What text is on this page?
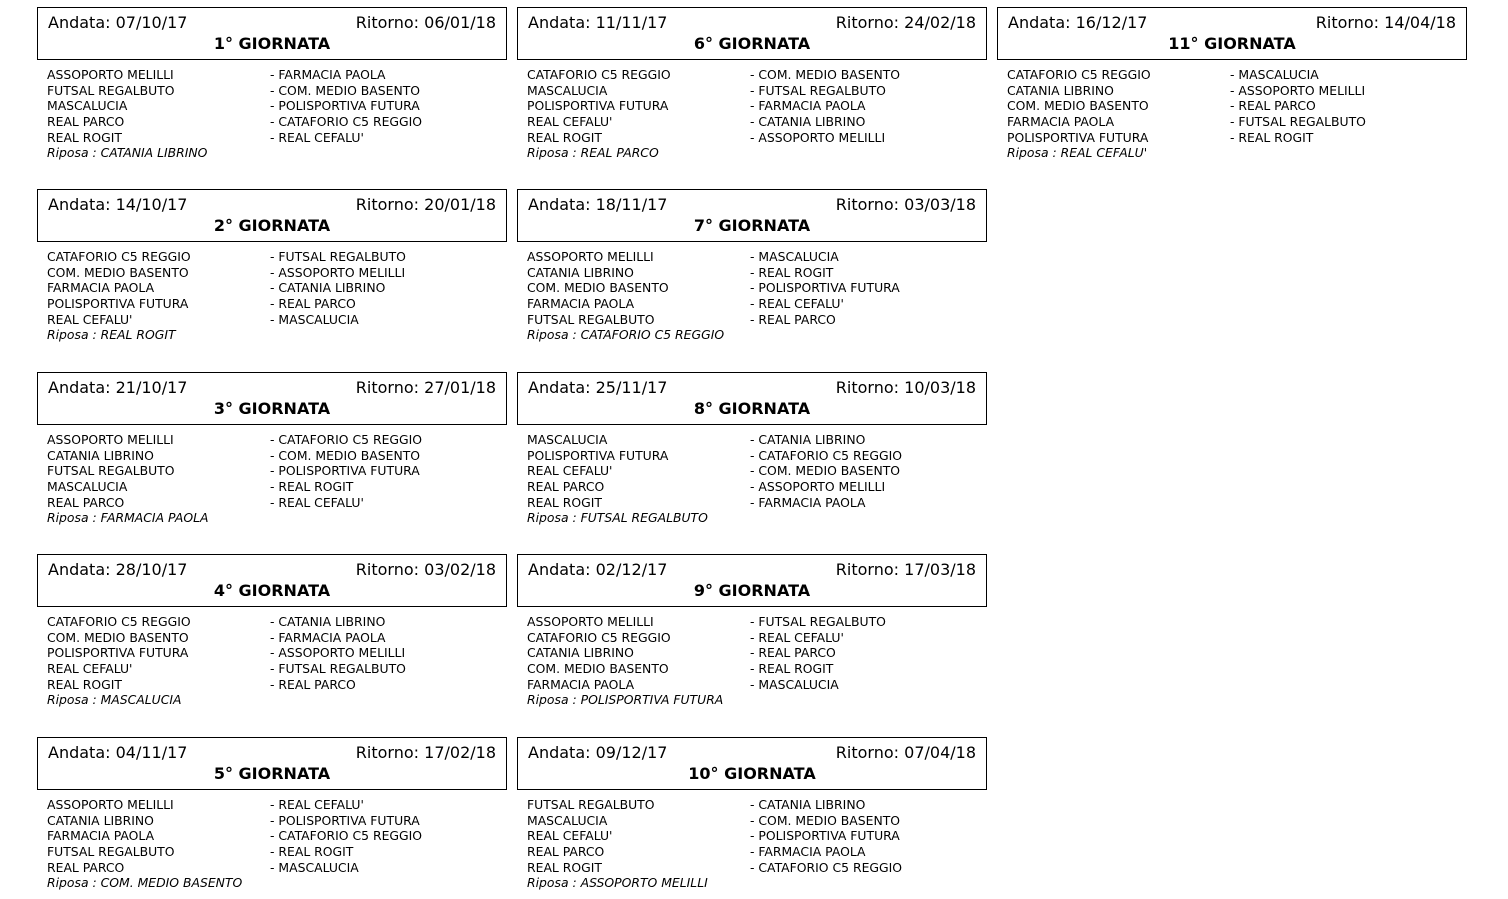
Andata: 07/10/17	Ritorno: 06/01/18
1° GIORNATA
ASSOPORTO MELILLI	- FARMACIA PAOLA
FUTSAL REGALBUTO	- COM. MEDIO BASENTO
MASCALUCIA	- POLISPORTIVA FUTURA
REAL PARCO	- CATAFORIO C5 REGGIO
REAL ROGIT	- REAL CEFALU'
Riposa : CATANIA LIBRINO
Andata: 14/10/17	Ritorno: 20/01/18
2° GIORNATA
CATAFORIO C5 REGGIO	- FUTSAL REGALBUTO
COM. MEDIO BASENTO	- ASSOPORTO MELILLI
FARMACIA PAOLA	- CATANIA LIBRINO
POLISPORTIVA FUTURA	- REAL PARCO
REAL CEFALU'	- MASCALUCIA
Riposa : REAL ROGIT
Andata: 21/10/17	Ritorno: 27/01/18
3° GIORNATA
ASSOPORTO MELILLI	- CATAFORIO C5 REGGIO
CATANIA LIBRINO	- COM. MEDIO BASENTO
FUTSAL REGALBUTO	- POLISPORTIVA FUTURA
MASCALUCIA	- REAL ROGIT
REAL PARCO	- REAL CEFALU'
Riposa : FARMACIA PAOLA
Andata: 28/10/17	Ritorno: 03/02/18
4° GIORNATA
CATAFORIO C5 REGGIO	- CATANIA LIBRINO
COM. MEDIO BASENTO	- FARMACIA PAOLA
POLISPORTIVA FUTURA	- ASSOPORTO MELILLI
REAL CEFALU'	- FUTSAL REGALBUTO
REAL ROGIT	- REAL PARCO
Riposa : MASCALUCIA
Andata: 04/11/17	Ritorno: 17/02/18
5° GIORNATA
ASSOPORTO MELILLI	- REAL CEFALU'
CATANIA LIBRINO	- POLISPORTIVA FUTURA
FARMACIA PAOLA	- CATAFORIO C5 REGGIO
FUTSAL REGALBUTO	- REAL ROGIT
REAL PARCO	- MASCALUCIA
Riposa : COM. MEDIO BASENTO
Andata: 11/11/17	Ritorno: 24/02/18
6° GIORNATA
CATAFORIO C5 REGGIO	- COM. MEDIO BASENTO
MASCALUCIA	- FUTSAL REGALBUTO
POLISPORTIVA FUTURA	- FARMACIA PAOLA
REAL CEFALU'	- CATANIA LIBRINO
REAL ROGIT	- ASSOPORTO MELILLI
Riposa : REAL PARCO
Andata: 18/11/17	Ritorno: 03/03/18
7° GIORNATA
ASSOPORTO MELILLI	- MASCALUCIA
CATANIA LIBRINO	- REAL ROGIT
COM. MEDIO BASENTO	- POLISPORTIVA FUTURA
FARMACIA PAOLA	- REAL CEFALU'
FUTSAL REGALBUTO	- REAL PARCO
Riposa : CATAFORIO C5 REGGIO
Andata: 25/11/17	Ritorno: 10/03/18
8° GIORNATA
MASCALUCIA	- CATANIA LIBRINO
POLISPORTIVA FUTURA	- CATAFORIO C5 REGGIO
REAL CEFALU'	- COM. MEDIO BASENTO
REAL PARCO	- ASSOPORTO MELILLI
REAL ROGIT	- FARMACIA PAOLA
Riposa : FUTSAL REGALBUTO
Andata: 02/12/17	Ritorno: 17/03/18
9° GIORNATA
ASSOPORTO MELILLI	- FUTSAL REGALBUTO
CATAFORIO C5 REGGIO	- REAL CEFALU'
CATANIA LIBRINO	- REAL PARCO
COM. MEDIO BASENTO	- REAL ROGIT
FARMACIA PAOLA	- MASCALUCIA
Riposa : POLISPORTIVA FUTURA
Andata: 09/12/17	Ritorno: 07/04/18
10° GIORNATA
FUTSAL REGALBUTO	- CATANIA LIBRINO
MASCALUCIA	- COM. MEDIO BASENTO
REAL CEFALU'	- POLISPORTIVA FUTURA
REAL PARCO	- FARMACIA PAOLA
REAL ROGIT	- CATAFORIO C5 REGGIO
Riposa : ASSOPORTO MELILLI
Andata: 16/12/17	Ritorno: 14/04/18
11° GIORNATA
CATAFORIO C5 REGGIO	- MASCALUCIA
CATANIA LIBRINO	- ASSOPORTO MELILLI
COM. MEDIO BASENTO	- REAL PARCO
FARMACIA PAOLA	- FUTSAL REGALBUTO
POLISPORTIVA FUTURA	- REAL ROGIT
Riposa : REAL CEFALU'
